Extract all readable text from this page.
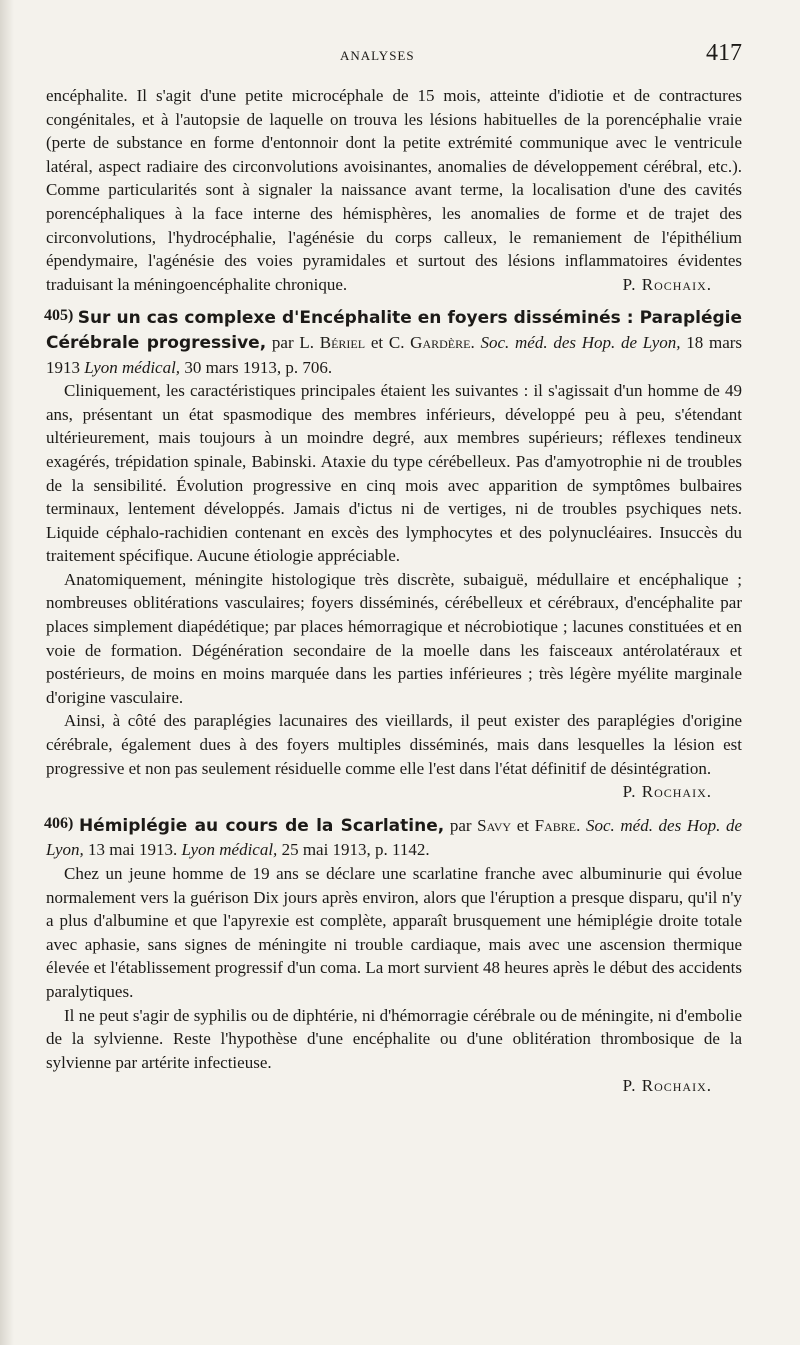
ANALYSES	417

encéphalite. Il s'agit d'une petite microcéphale de 15 mois, atteinte d'idiotie et de contractures congénitales, et à l'autopsie de laquelle on trouva les lésions habituelles de la porencéphalie vraie (perte de substance en forme d'entonnoir dont la petite extrémité communique avec le ventricule latéral, aspect radiaire des circonvolutions avoisinantes, anomalies de développement cérébral, etc.). Comme particularités sont à signaler la naissance avant terme, la localisation d'une des cavités porencéphaliques à la face interne des hémisphères, les anomalies de forme et de trajet des circonvolutions, l'hydrocéphalie, l'agénésie du corps calleux, le remaniement de l'épithélium épendymaire, l'agénésie des voies pyramidales et surtout des lésions inflammatoires évidentes traduisant la méningoencéphalite chronique.	P. Rochaix.

405) Sur un cas complexe d'Encéphalite en foyers disséminés : Paraplégie Cérébrale progressive, par L. Bériel et C. Gardère. Soc. méd. des Hop. de Lyon, 18 mars 1913 Lyon médical, 30 mars 1913, p. 706.

Cliniquement, les caractéristiques principales étaient les suivantes : il s'agissait d'un homme de 49 ans, présentant un état spasmodique des membres inférieurs, développé peu à peu, s'étendant ultérieurement, mais toujours à un moindre degré, aux membres supérieurs; réflexes tendineux exagérés, trépidation spinale, Babinski. Ataxie du type cérébelleux. Pas d'amyotrophie ni de troubles de la sensibilité. Évolution progressive en cinq mois avec apparition de symptômes bulbaires terminaux, lentement développés. Jamais d'ictus ni de vertiges, ni de troubles psychiques nets. Liquide céphalo-rachidien contenant en excès des lymphocytes et des polynucléaires. Insuccès du traitement spécifique. Aucune étiologie appréciable.

Anatomiquement, méningite histologique très discrète, subaiguë, médullaire et encéphalique ; nombreuses oblitérations vasculaires; foyers disséminés, cérébelleux et cérébraux, d'encéphalite par places simplement diapédétique; par places hémorragique et nécrobiotique ; lacunes constituées et en voie de formation. Dégénération secondaire de la moelle dans les faisceaux antérolatéraux et postérieurs, de moins en moins marquée dans les parties inférieures ; très légère myélite marginale d'origine vasculaire.

Ainsi, à côté des paraplégies lacunaires des vieillards, il peut exister des paraplégies d'origine cérébrale, également dues à des foyers multiples disséminés, mais dans lesquelles la lésion est progressive et non pas seulement résiduelle comme elle l'est dans l'état définitif de désintégration.

P. Rochaix.

406) Hémiplégie au cours de la Scarlatine, par Savy et Fabre. Soc. méd. des Hop. de Lyon, 13 mai 1913. Lyon médical, 25 mai 1913, p. 1142.

Chez un jeune homme de 19 ans se déclare une scarlatine franche avec albuminurie qui évolue normalement vers la guérison Dix jours après environ, alors que l'éruption a presque disparu, qu'il n'y a plus d'albumine et que l'apyrexie est complète, apparaît brusquement une hémiplégie droite totale avec aphasie, sans signes de méningite ni trouble cardiaque, mais avec une ascension thermique élevée et l'établissement progressif d'un coma. La mort survient 48 heures après le début des accidents paralytiques.

Il ne peut s'agir de syphilis ou de diphtérie, ni d'hémorragie cérébrale ou de méningite, ni d'embolie de la sylvienne. Reste l'hypothèse d'une encéphalite ou d'une oblitération thrombosique de la sylvienne par artérite infectieuse.

P. Rochaix.
